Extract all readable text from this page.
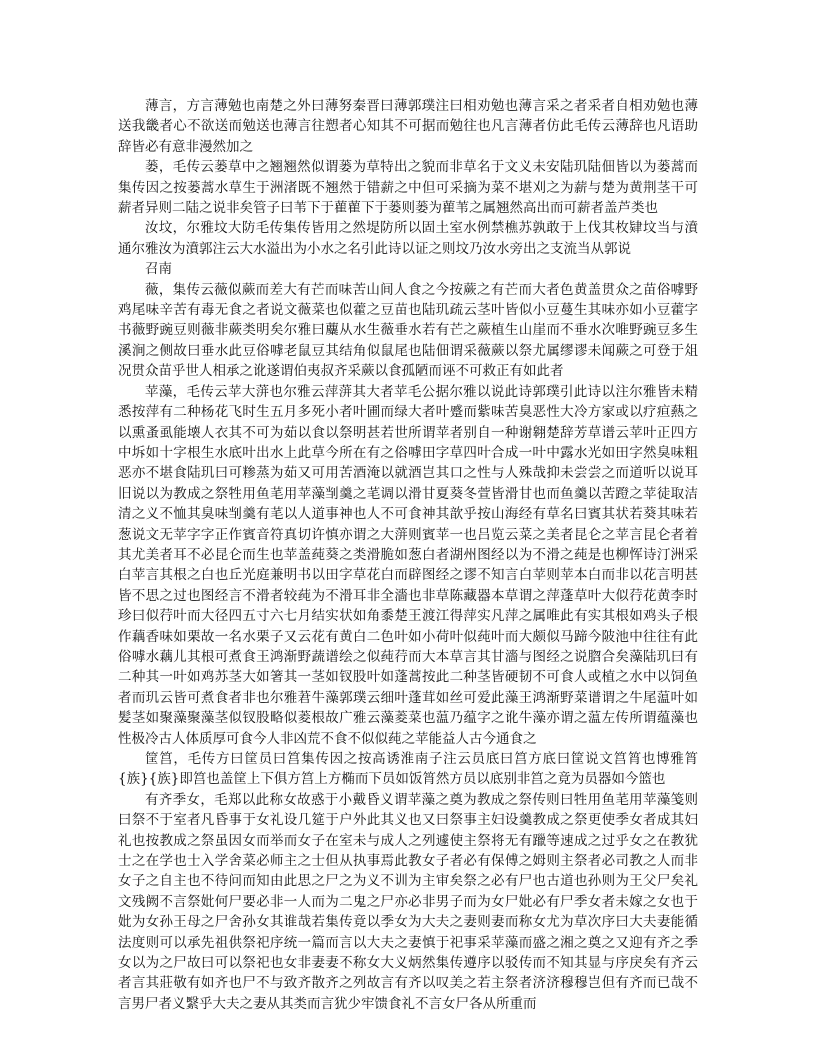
薄言，方言薄勉也南楚之外曰薄努秦晋曰薄郭璞注曰相劝勉也薄言采之者采者自相劝勉也薄送我畿者心不欲送而勉送也薄言往愬者心知其不可据而勉往也凡言薄者仿此毛传云薄辞也凡语助辞皆必有意非漫然加之

蒌，毛传云蒌草中之翘翘然似谓蒌为草特出之貌而非草名于文义未安陆玑陆佃皆以为蒌蒿而集传因之按蒌蒿水草生于洲渚既不翘然于错薪之中但可采摘为菜不堪刈之为薪与楚为黄荆茎干可薪者异则二陆之说非矣管子曰苇下于雚雚下于蒌则蒌为雚苇之属翘然高出而可薪者盖芦类也

汝坟，尔雅坟大防毛传集传皆用之然堤防所以固土室水例禁樵苏孰敢于上伐其枚肄坟当与濆通尔雅汝为濆郭注云大水溢出为小水之名引此诗以证之则坟乃汝水旁出之支流当从郭说

召南

薇，集传云薇似蕨而差大有芒而味苦山间人食之今按蕨之有芒而大者色黄盖贯众之苗俗嘑野鸡尾味辛苦有毒无食之者说文薇菜也似藿之豆苗也陆玑疏云茎叶皆似小豆蔓生其味亦如小豆藿字书薇野豌豆则薇非蕨类明矣尔雅曰蘪从水生薇垂水若有芒之蕨植生山崖而不垂水次唯野豌豆多生溪涧之侧故曰垂水此豆俗嘑老鼠豆其结角似鼠尾也陆佃谓采薇蕨以祭尤属缪谬未闻蕨之可登于俎况贯众苗乎世人相承之讹遂谓伯夷叔齐采蕨以食孤陋而诬不可救正有如此者

苹藻，毛传云苹大蓱也尔雅云萍蓱其大者苹毛公据尔雅以说此诗郭璞引此诗以注尔雅皆未精悉按萍有二种杨花飞时生五月多死小者叶圃而绿大者叶蹙而紫味苦臭恶性大冷方家或以疗疸爇之以熏蚤虱能壊人衣其不可为茹以食以祭明甚若世所谓苹者别自一种谢翱楚辞芳草谱云苹叶正四方中坼如十字根生水底叶出水上此草今所在有之俗嘑田字草四叶合成一叶中露水光如田字然臭味粗恶亦不堪食陆玑曰可糁蒸为茹又可用苦酒淹以就酒岂其口之性与人殊哉抑未尝尝之而道听以说耳旧说以为教成之祭牲用鱼芼用苹藻㓥羹之芼调以滑甘夏葵冬萱皆滑甘也而鱼羹以苦蹬之苹徒取洁清之义不恤其臭味㓥羹有芼以人道事神也人不可食神其歆乎按山海经有草名曰賓其状若葵其味若葱说文无苹字字正作賓音符真切许慎亦谓之大蓱则賓苹一也吕览云菜之美者昆仑之苹言昆仑者着其尤美者耳不必昆仑而生也苹盖莼葵之类滑脆如葱白者湖州图经以为不滑之莼是也柳恽诗汀洲采白苹言其根之白也丘光庭兼明书以田字草花白而辟图经之谬不知言白苹则苹本白而非以花言明甚皆不思之过也图经言不滑者较莼为不滑耳非全濇也非草陈藏器本草谓之萍蓬草叶大似荇花黄李时珍曰似荇叶而大径四五寸六七月结实状如角黍楚王渡江得萍实凡萍之属唯此有实其根如鸡头子根作藕香味如栗故一名水栗子又云花有黄白二色叶如小荷叶似莼叶而大颇似马蹄今陂池中往往有此俗嘑水藕儿其根可煮食王鸿渐野蔬谱绘之似莼荇而大本草言其甘濇与图经之说脗合矣藻陆玑曰有二种其一叶如鸡苏茎大如箸其一茎如钗股叶如蓬蒿按此二种茎皆硬韧不可食人或植之水中以饲鱼者而玑云皆可煮食者非也尔雅莙牛藻郭璞云细叶蓬茸如丝可爱此藻王鸿渐野菜谱谓之牛尾蕰叶如髪茎如聚藻聚藻茎似钗股略似菱根故广雅云藻菱菜也蕰乃蕴字之讹牛藻亦谓之蕰左传所谓蕴藻也性极冷古人体质厚可食今人非凶荒不食不似似莼之苹能益人古今通食之

筐筥，毛传方曰筐员曰筥集传因之按高诱淮南子注云员底曰筥方底曰筐说文筥筲也博雅筲{族}{族}即筥也盖筐上下俱方筥上方椭而下员如饭筲然方员以底别非筥之竟为员器如今篮也

有齐季女，毛郑以此称女故惑于小戴昏义谓苹藻之奠为教成之祭传则曰牲用鱼芼用苹藻笺则曰祭不于室者凡昏事于女礼设几筵于户外此其义也又曰祭事主妇设羹教成之祭更使季女者成其妇礼也按教成之祭虽因女而举而女子在室未与成人之列遽使主祭将无有躐等速成之过乎女之在教犹士之在学也士入学舍菜必师主之士但从执事焉此教女子者必有保傅之姆则主祭者必司教之人而非女子之自主也不待问而知由此思之尸之为义不训为主审矣祭之必有尸也古道也孙则为王父尸矣礼文残阙不言祭妣何尸要必非一人而为二鬼之尸亦必非男子而为女尸妣必有尸季女者未嫁之女也于妣为女孙王母之尸舍孙女其谁哉若集传竟以季女为大夫之妻则妻而称女尤为草次序曰大夫妻能循法度则可以承先祖供祭祀序统一篇而言以大夫之妻慎于祀事采苹藻而盛之湘之奠之又迎有齐之季女以为之尸故曰可以祭祀也女非妻妻不称女大义炳然集传遵序以驳传而不知其显与序戾矣有齐云者言其莊敬有如齐也尸不与致齐散齐之列故言有齐以叹美之若主祭者济济穆穆岂但有齐而已哉不言男尸者义繄乎大夫之妻从其类而言犹少牢馈食礼不言女尸各从所重而
